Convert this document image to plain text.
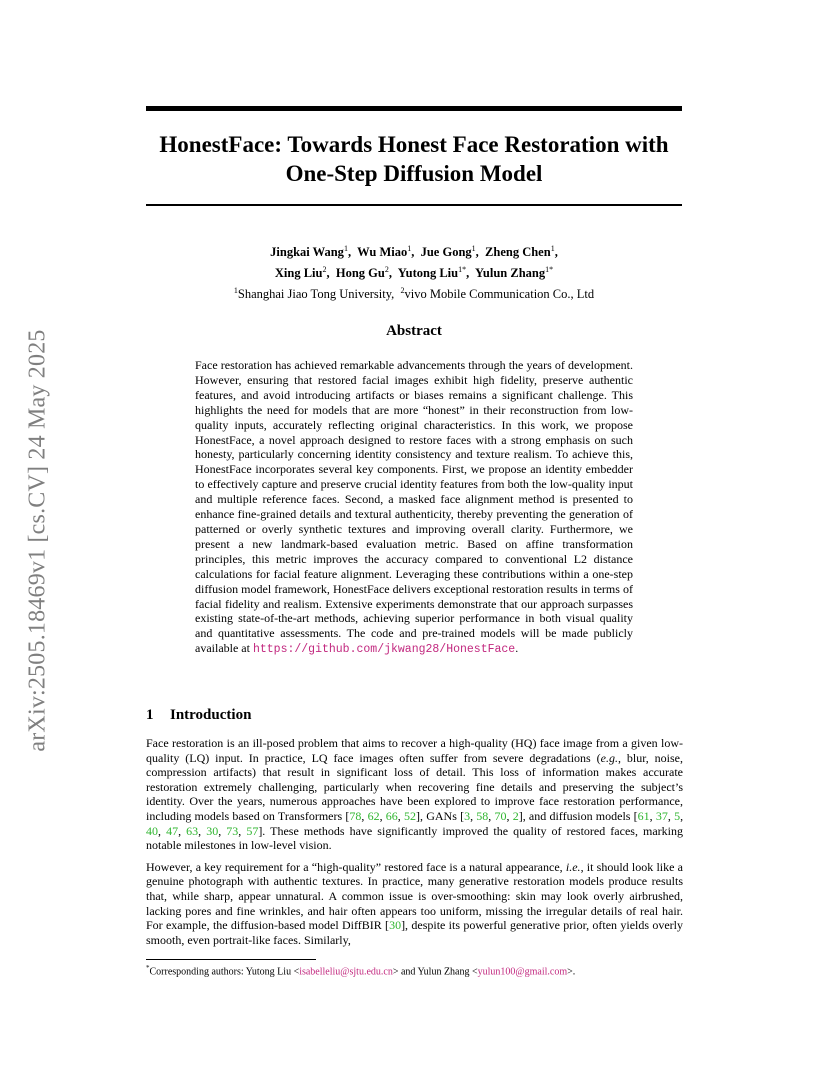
arXiv:2505.18469v1 [cs.CV] 24 May 2025
HonestFace: Towards Honest Face Restoration with
One-Step Diffusion Model
Jingkai Wang$^1$,  Wu Miao$^1$,  Jue Gong$^1$,  Zheng Chen$^1$,
Xing Liu$^2$,  Hong Gu$^2$,  Yutong Liu$^{1*}$,  Yulun Zhang$^{1*}$
$^1$Shanghai Jiao Tong University, $^2$vivo Mobile Communication Co., Ltd
Abstract
Face restoration has achieved remarkable advancements through the years of development. However, ensuring that restored facial images exhibit high fidelity, preserve authentic features, and avoid introducing artifacts or biases remains a significant challenge. This highlights the need for models that are more “honest” in their reconstruction from low-quality inputs, accurately reflecting original characteristics. In this work, we propose HonestFace, a novel approach designed to restore faces with a strong emphasis on such honesty, particularly concerning identity consistency and texture realism. To achieve this, HonestFace incorporates several key components. First, we propose an identity embedder to effectively capture and preserve crucial identity features from both the low-quality input and multiple reference faces. Second, a masked face alignment method is presented to enhance fine-grained details and textural authenticity, thereby preventing the generation of patterned or overly synthetic textures and improving overall clarity. Furthermore, we present a new landmark-based evaluation metric. Based on affine transformation principles, this metric improves the accuracy compared to conventional L2 distance calculations for facial feature alignment. Leveraging these contributions within a one-step diffusion model framework, HonestFace delivers exceptional restoration results in terms of facial fidelity and realism. Extensive experiments demonstrate that our approach surpasses existing state-of-the-art methods, achieving superior performance in both visual quality and quantitative assessments. The code and pre-trained models will be made publicly available at https://github.com/jkwang28/HonestFace.
1 Introduction

Face restoration is an ill-posed problem that aims to recover a high-quality (HQ) face image from a given low-quality (LQ) input. In practice, LQ face images often suffer from severe degradations (e.g., blur, noise, compression artifacts) that result in significant loss of detail. This loss of information makes accurate restoration extremely challenging, particularly when recovering fine details and preserving the subject’s identity. Over the years, numerous approaches have been explored to improve face restoration performance, including models based on Transformers [78, 62, 66, 52], GANs [3, 58, 70, 2], and diffusion models [61, 37, 5, 40, 47, 63, 30, 73, 57]. These methods have significantly improved the quality of restored faces, marking notable milestones in low-level vision.

However, a key requirement for a “high-quality” restored face is a natural appearance, i.e., it should look like a genuine photograph with authentic textures. In practice, many generative restoration models produce results that, while sharp, appear unnatural. A common issue is over-smoothing: skin may look overly airbrushed, lacking pores and fine wrinkles, and hair often appears too uniform, missing the irregular details of real hair. For example, the diffusion-based model DiffBIR [30], despite its powerful generative prior, often yields overly smooth, even portrait-like faces. Similarly,

*Corresponding authors: Yutong Liu <isabelleliu@sjtu.edu.cn> and Yulun Zhang <yulun100@gmail.com>.
